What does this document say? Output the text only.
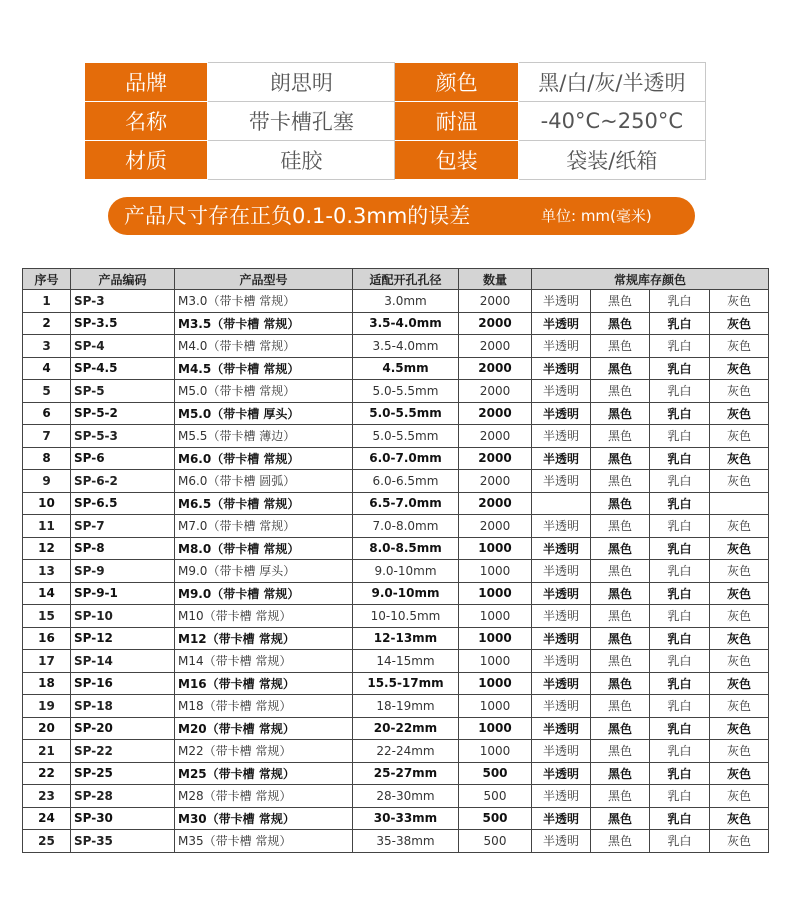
品牌	朗思明	颜色	黑/白/灰/半透明
名称	带卡槽孔塞	耐温	-40°C~250°C
材质	硅胶	包装	袋装/纸箱
产品尺寸存在正负0.1-0.3mm的误差	单位: mm(毫米)
序号	产品编码	产品型号	适配开孔孔径	数量	常规库存颜色			
1	SP-3	M3.0（带卡槽 常规）	3.0mm	2000	半透明	黑色	乳白	灰色
2	SP-3.5	M3.5（带卡槽 常规）	3.5-4.0mm	2000	半透明	黑色	乳白	灰色
3	SP-4	M4.0（带卡槽 常规）	3.5-4.0mm	2000	半透明	黑色	乳白	灰色
4	SP-4.5	M4.5（带卡槽 常规）	4.5mm	2000	半透明	黑色	乳白	灰色
5	SP-5	M5.0（带卡槽 常规）	5.0-5.5mm	2000	半透明	黑色	乳白	灰色
6	SP-5-2	M5.0（带卡槽 厚头）	5.0-5.5mm	2000	半透明	黑色	乳白	灰色
7	SP-5-3	M5.5（带卡槽 薄边）	5.0-5.5mm	2000	半透明	黑色	乳白	灰色
8	SP-6	M6.0（带卡槽 常规）	6.0-7.0mm	2000	半透明	黑色	乳白	灰色
9	SP-6-2	M6.0（带卡槽 圆弧）	6.0-6.5mm	2000	半透明	黑色	乳白	灰色
10	SP-6.5	M6.5（带卡槽 常规）	6.5-7.0mm	2000		黑色	乳白	
11	SP-7	M7.0（带卡槽 常规）	7.0-8.0mm	2000	半透明	黑色	乳白	灰色
12	SP-8	M8.0（带卡槽 常规）	8.0-8.5mm	1000	半透明	黑色	乳白	灰色
13	SP-9	M9.0（带卡槽 厚头）	9.0-10mm	1000	半透明	黑色	乳白	灰色
14	SP-9-1	M9.0（带卡槽 常规）	9.0-10mm	1000	半透明	黑色	乳白	灰色
15	SP-10	M10（带卡槽 常规）	10-10.5mm	1000	半透明	黑色	乳白	灰色
16	SP-12	M12（带卡槽 常规）	12-13mm	1000	半透明	黑色	乳白	灰色
17	SP-14	M14（带卡槽 常规）	14-15mm	1000	半透明	黑色	乳白	灰色
18	SP-16	M16（带卡槽 常规）	15.5-17mm	1000	半透明	黑色	乳白	灰色
19	SP-18	M18（带卡槽 常规）	18-19mm	1000	半透明	黑色	乳白	灰色
20	SP-20	M20（带卡槽 常规）	20-22mm	1000	半透明	黑色	乳白	灰色
21	SP-22	M22（带卡槽 常规）	22-24mm	1000	半透明	黑色	乳白	灰色
22	SP-25	M25（带卡槽 常规）	25-27mm	500	半透明	黑色	乳白	灰色
23	SP-28	M28（带卡槽 常规）	28-30mm	500	半透明	黑色	乳白	灰色
24	SP-30	M30（带卡槽 常规）	30-33mm	500	半透明	黑色	乳白	灰色
25	SP-35	M35（带卡槽 常规）	35-38mm	500	半透明	黑色	乳白	灰色
